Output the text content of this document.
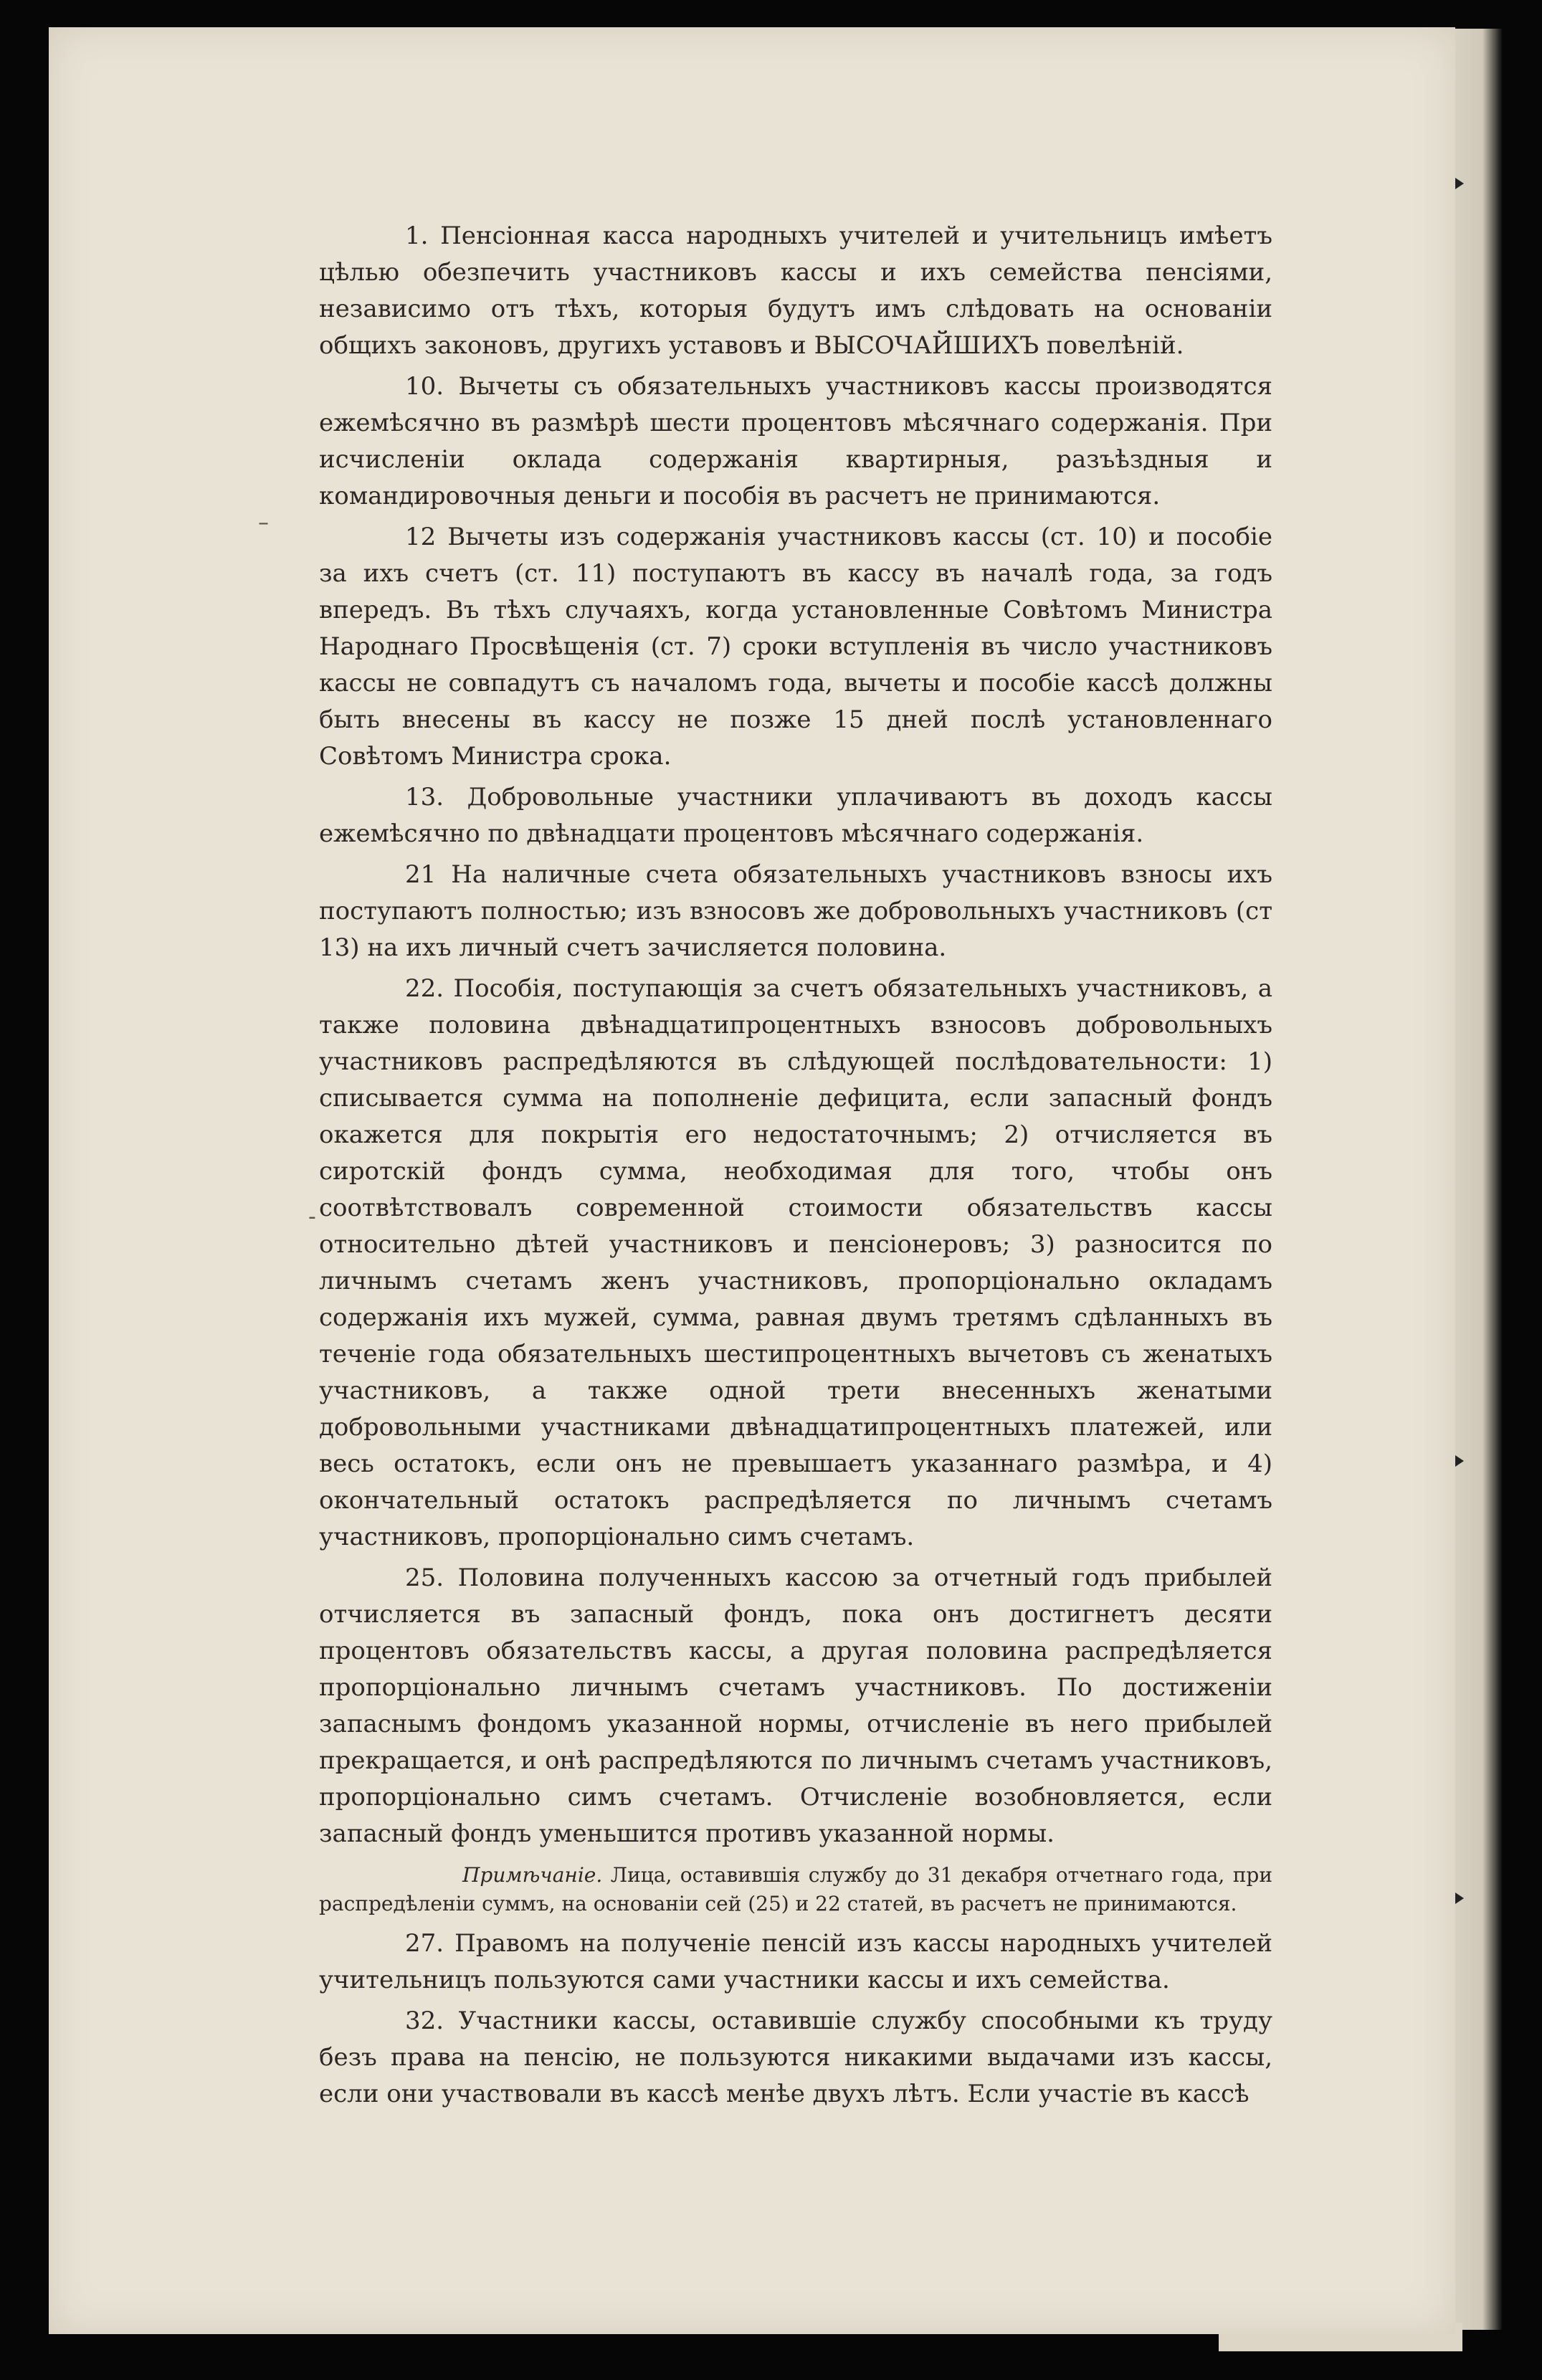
–
-

1. Пенсіонная касса народныхъ учителей и учительницъ имѣетъ цѣлью обезпечить участниковъ кассы и ихъ семейства пенсіями, независимо отъ тѣхъ, которыя будутъ имъ слѣдовать на основаніи общихъ законовъ, другихъ уставовъ и ВЫСОЧАЙШИХЪ повелѣній.

10. Вычеты съ обязательныхъ участниковъ кассы производятся ежемѣсячно въ размѣрѣ шести процентовъ мѣсячнаго содержанія. При исчисленіи оклада содержанія квартирныя, разъѣздныя и командировочныя деньги и пособія въ расчетъ не принимаются.

12 Вычеты изъ содержанія участниковъ кассы (ст. 10) и пособіе за ихъ счетъ (ст. 11) поступаютъ въ кассу въ началѣ года, за годъ впередъ. Въ тѣхъ случаяхъ, когда установленные Совѣтомъ Министра Народнаго Просвѣщенія (ст. 7) сроки вступленія въ число участниковъ кассы не совпадутъ съ началомъ года, вычеты и пособіе кассѣ должны быть внесены въ кассу не позже 15 дней послѣ установленнаго Совѣтомъ Министра срока.

13. Добровольные участники уплачиваютъ въ доходъ кассы ежемѣсячно по двѣнадцати процентовъ мѣсячнаго содержанія.

21 На наличные счета обязательныхъ участниковъ взносы ихъ поступаютъ полностью; изъ взносовъ же добровольныхъ участниковъ (ст 13) на ихъ личный счетъ зачисляется половина.

22. Пособія, поступающія за счетъ обязательныхъ участниковъ, а также половина двѣнадцатипроцентныхъ взносовъ добровольныхъ участниковъ распредѣляются въ слѣдующей послѣдовательности: 1) списывается сумма на пополненіе дефицита, если запасный фондъ окажется для покрытія его недостаточнымъ; 2) отчисляется въ сиротскій фондъ сумма, необходимая для того, чтобы онъ соотвѣтствовалъ современной стоимости обязательствъ кассы относительно дѣтей участниковъ и пенсіонеровъ; 3) разносится по личнымъ счетамъ женъ участниковъ, пропорціонально окладамъ содержанія ихъ мужей, сумма, равная двумъ третямъ сдѣланныхъ въ теченіе года обязательныхъ шестипроцентныхъ вычетовъ съ женатыхъ участниковъ, а также одной трети внесенныхъ женатыми добровольными участниками двѣнадцатипроцентныхъ платежей, или весь остатокъ, если онъ не превышаетъ указаннаго размѣра, и 4) окончательный остатокъ распредѣляется по личнымъ счетамъ участниковъ, пропорціонально симъ счетамъ.

25. Половина полученныхъ кассою за отчетный годъ прибылей отчисляется въ запасный фондъ, пока онъ достигнетъ десяти процентовъ обязательствъ кассы, а другая половина распредѣляется пропорціонально личнымъ счетамъ участниковъ. По достиженіи запаснымъ фондомъ указанной нормы, отчисленіе въ него прибылей прекращается, и онѣ распредѣляются по личнымъ счетамъ участниковъ, пропорціонально симъ счетамъ. Отчисленіе возобновляется, если запасный фондъ уменьшится противъ указанной нормы.

Примѣчаніе. Лица, оставившія службу до 31 декабря отчетнаго года, при распредѣленіи суммъ, на основаніи сей (25) и 22 статей, въ расчетъ не принимаются.

27. Правомъ на полученіе пенсій изъ кассы народныхъ учителей учительницъ пользуются сами участники кассы и ихъ семейства.

32. Участники кассы, оставившіе службу способными къ труду безъ права на пенсію, не пользуются никакими выдачами изъ кассы, если они участвовали въ кассѣ менѣе двухъ лѣтъ. Если участіе въ кассѣ
